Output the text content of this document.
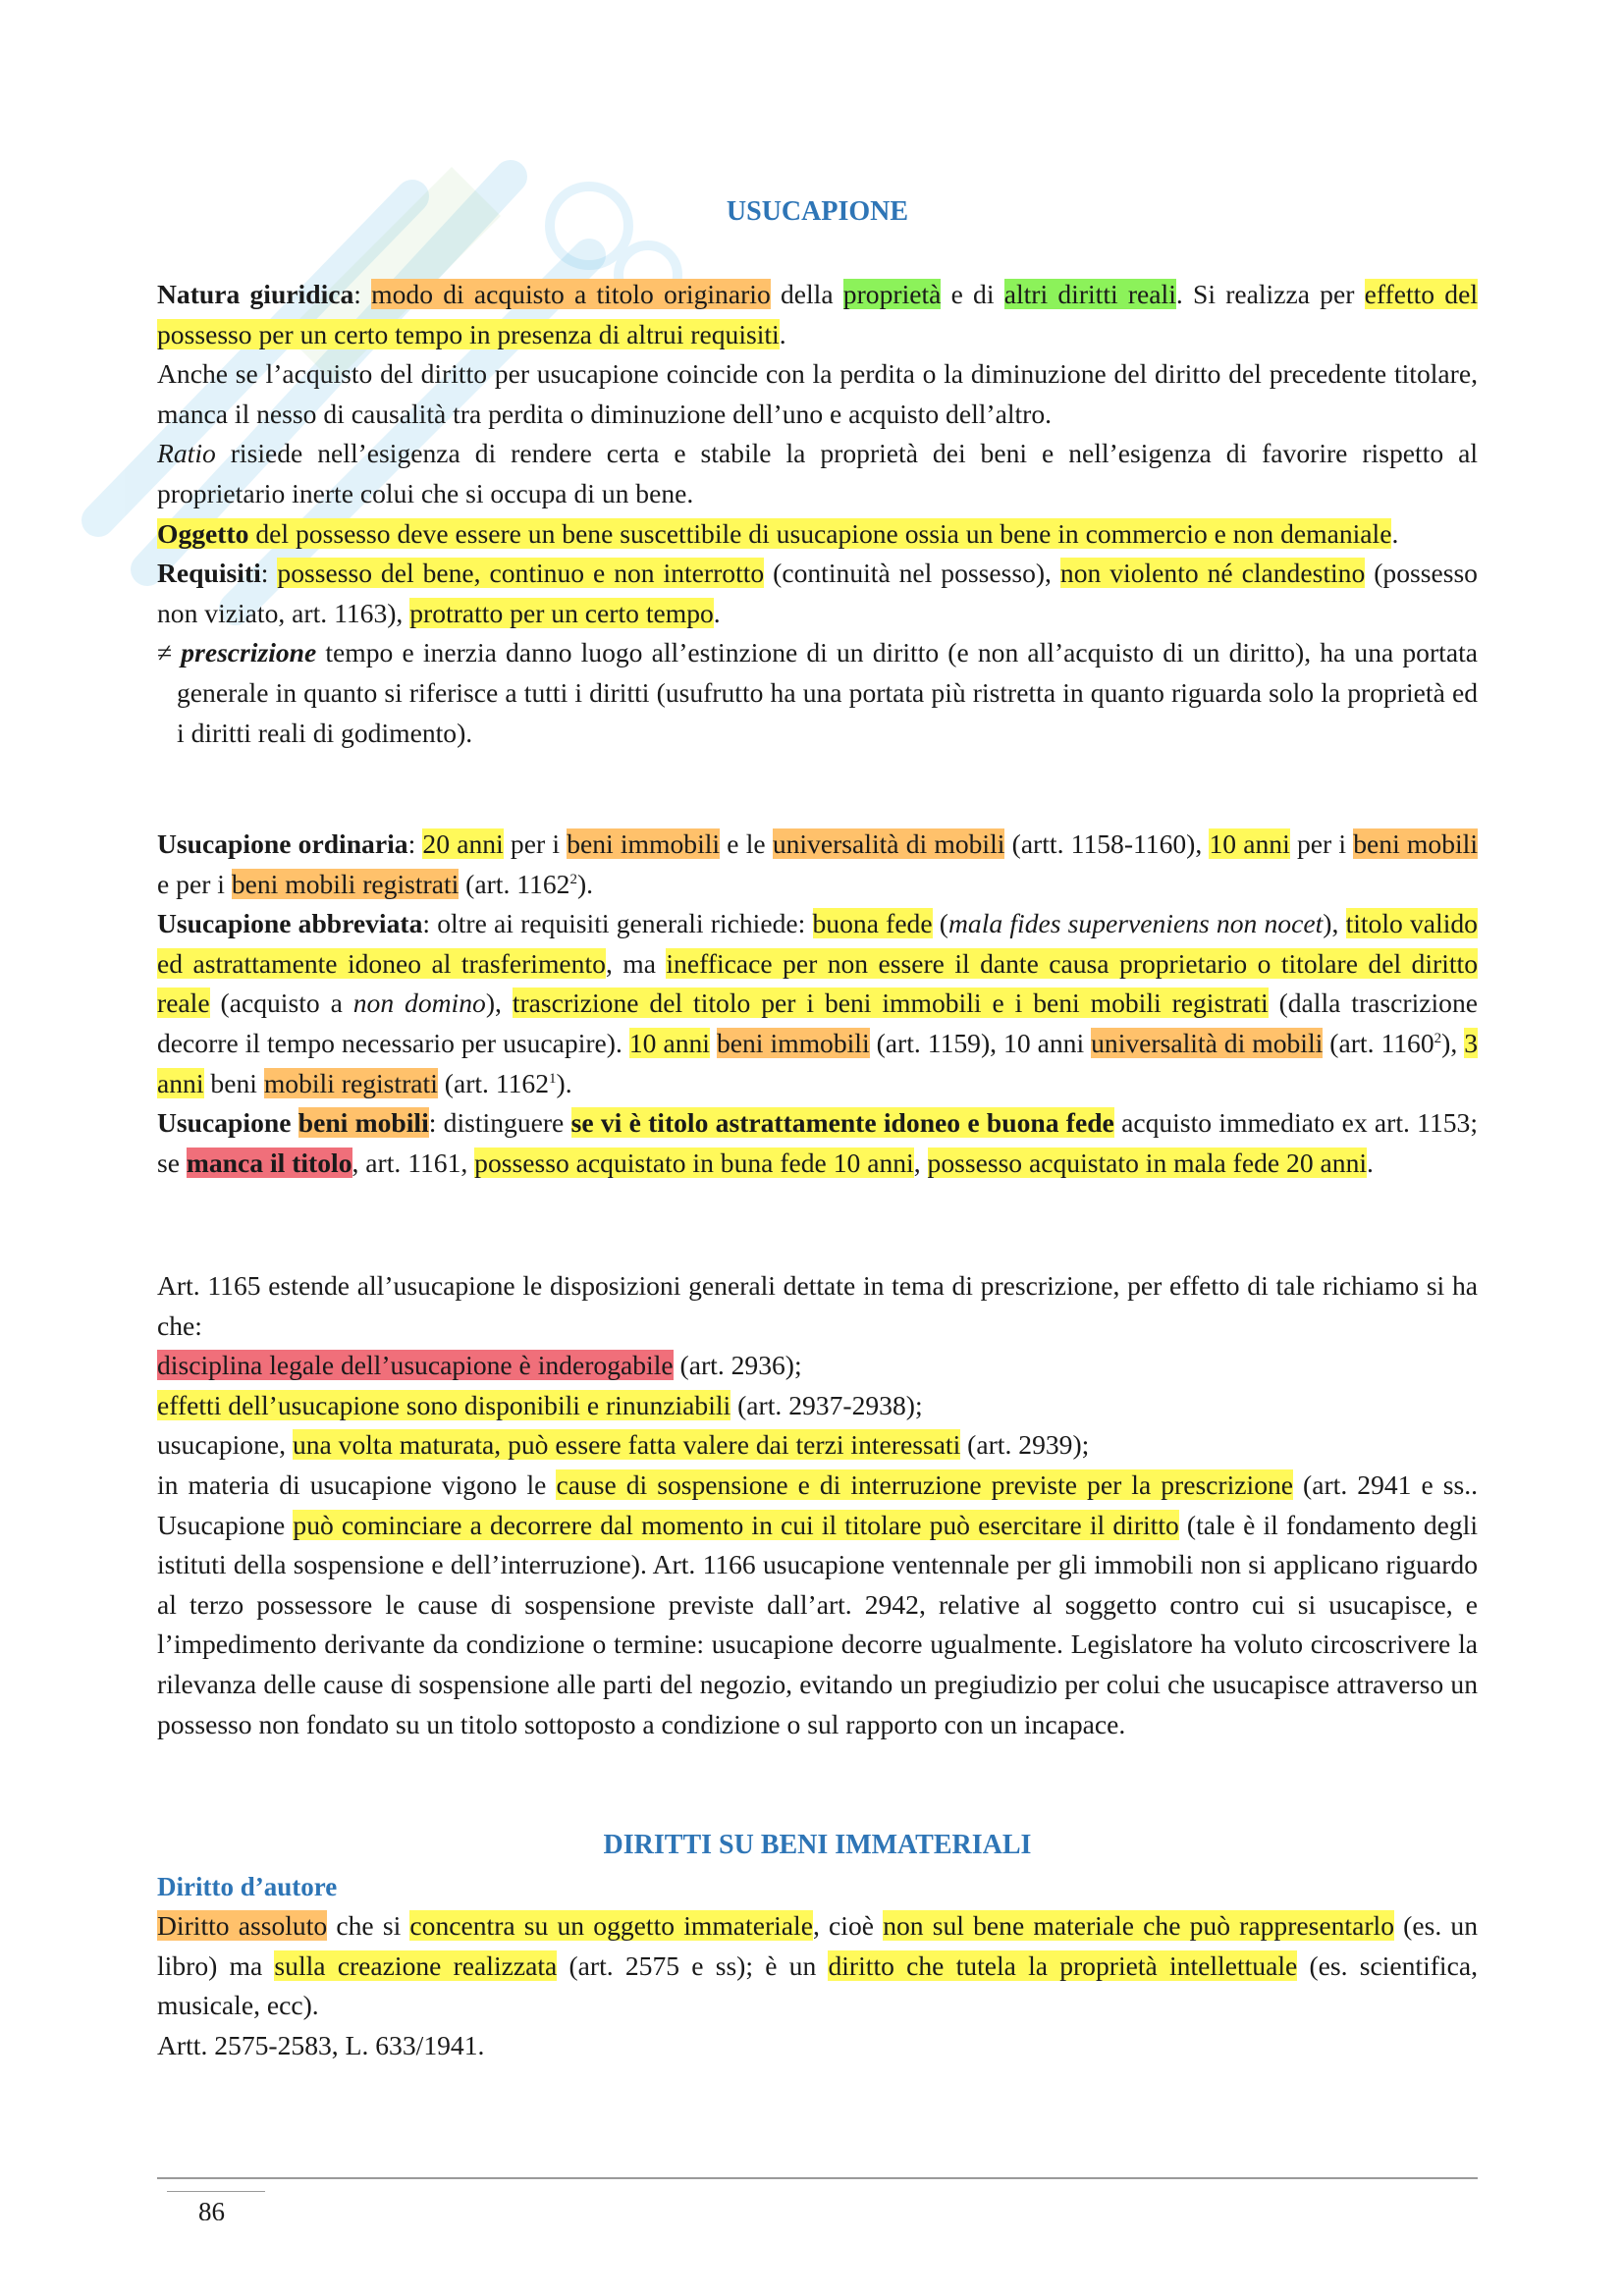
USUCAPIONE

Natura giuridica: modo di acquisto a titolo originario della proprietà e di altri diritti reali. Si realizza per effetto del possesso per un certo tempo in presenza di altrui requisiti.

Anche se l’acquisto del diritto per usucapione coincide con la perdita o la diminuzione del diritto del precedente titolare, manca il nesso di causalità tra perdita o diminuzione dell’uno e acquisto dell’altro.

Ratio risiede nell’esigenza di rendere certa e stabile la proprietà dei beni e nell’esigenza di favorire rispetto al proprietario inerte colui che si occupa di un bene.

Oggetto del possesso deve essere un bene suscettibile di usucapione ossia un bene in commercio e non demaniale.

Requisiti: possesso del bene, continuo e non interrotto (continuità nel possesso), non violento né clandestino (possesso non viziato, art. 1163), protratto per un certo tempo.

≠ prescrizione tempo e inerzia danno luogo all’estinzione di un diritto (e non all’acquisto di un diritto), ha una portata generale in quanto si riferisce a tutti i diritti (usufrutto ha una portata più ristretta in quanto riguarda solo la proprietà ed i diritti reali di godimento).

Usucapione ordinaria: 20 anni per i beni immobili e le universalità di mobili (artt. 1158-1160), 10 anni per i beni mobili e per i beni mobili registrati (art. 1162$^2$).

Usucapione abbreviata: oltre ai requisiti generali richiede: buona fede (mala fides superveniens non nocet), titolo valido ed astrattamente idoneo al trasferimento, ma inefficace per non essere il dante causa proprietario o titolare del diritto reale (acquisto a non domino), trascrizione del titolo per i beni immobili e i beni mobili registrati (dalla trascrizione decorre il tempo necessario per usucapire). 10 anni beni immobili (art. 1159), 10 anni universalità di mobili (art. 1160$^2$), 3 anni beni mobili registrati (art. 1162$^1$).

Usucapione beni mobili: distinguere se vi è titolo astrattamente idoneo e buona fede acquisto immediato ex art. 1153; se manca il titolo, art. 1161, possesso acquistato in buna fede 10 anni, possesso acquistato in mala fede 20 anni.

Art. 1165 estende all’usucapione le disposizioni generali dettate in tema di prescrizione, per effetto di tale richiamo si ha che:

disciplina legale dell’usucapione è inderogabile (art. 2936);

effetti dell’usucapione sono disponibili e rinunziabili (art. 2937-2938);

usucapione, una volta maturata, può essere fatta valere dai terzi interessati (art. 2939);

in materia di usucapione vigono le cause di sospensione e di interruzione previste per la prescrizione (art. 2941 e ss.. Usucapione può cominciare a decorrere dal momento in cui il titolare può esercitare il diritto (tale è il fondamento degli istituti della sospensione e dell’interruzione). Art. 1166 usucapione ventennale per gli immobili non si applicano riguardo al terzo possessore le cause di sospensione previste dall’art. 2942, relative al soggetto contro cui si usucapisce, e l’impedimento derivante da condizione o termine: usucapione decorre ugualmente. Legislatore ha voluto circoscrivere la rilevanza delle cause di sospensione alle parti del negozio, evitando un pregiudizio per colui che usucapisce attraverso un possesso non fondato su un titolo sottoposto a condizione o sul rapporto con un incapace.

DIRITTI SU BENI IMMATERIALI
Diritto d’autore

Diritto assoluto che si concentra su un oggetto immateriale, cioè non sul bene materiale che può rappresentarlo (es. un libro) ma sulla creazione realizzata (art. 2575 e ss); è un diritto che tutela la proprietà intellettuale (es. scientifica, musicale, ecc).

Artt. 2575-2583, L. 633/1941.

86
